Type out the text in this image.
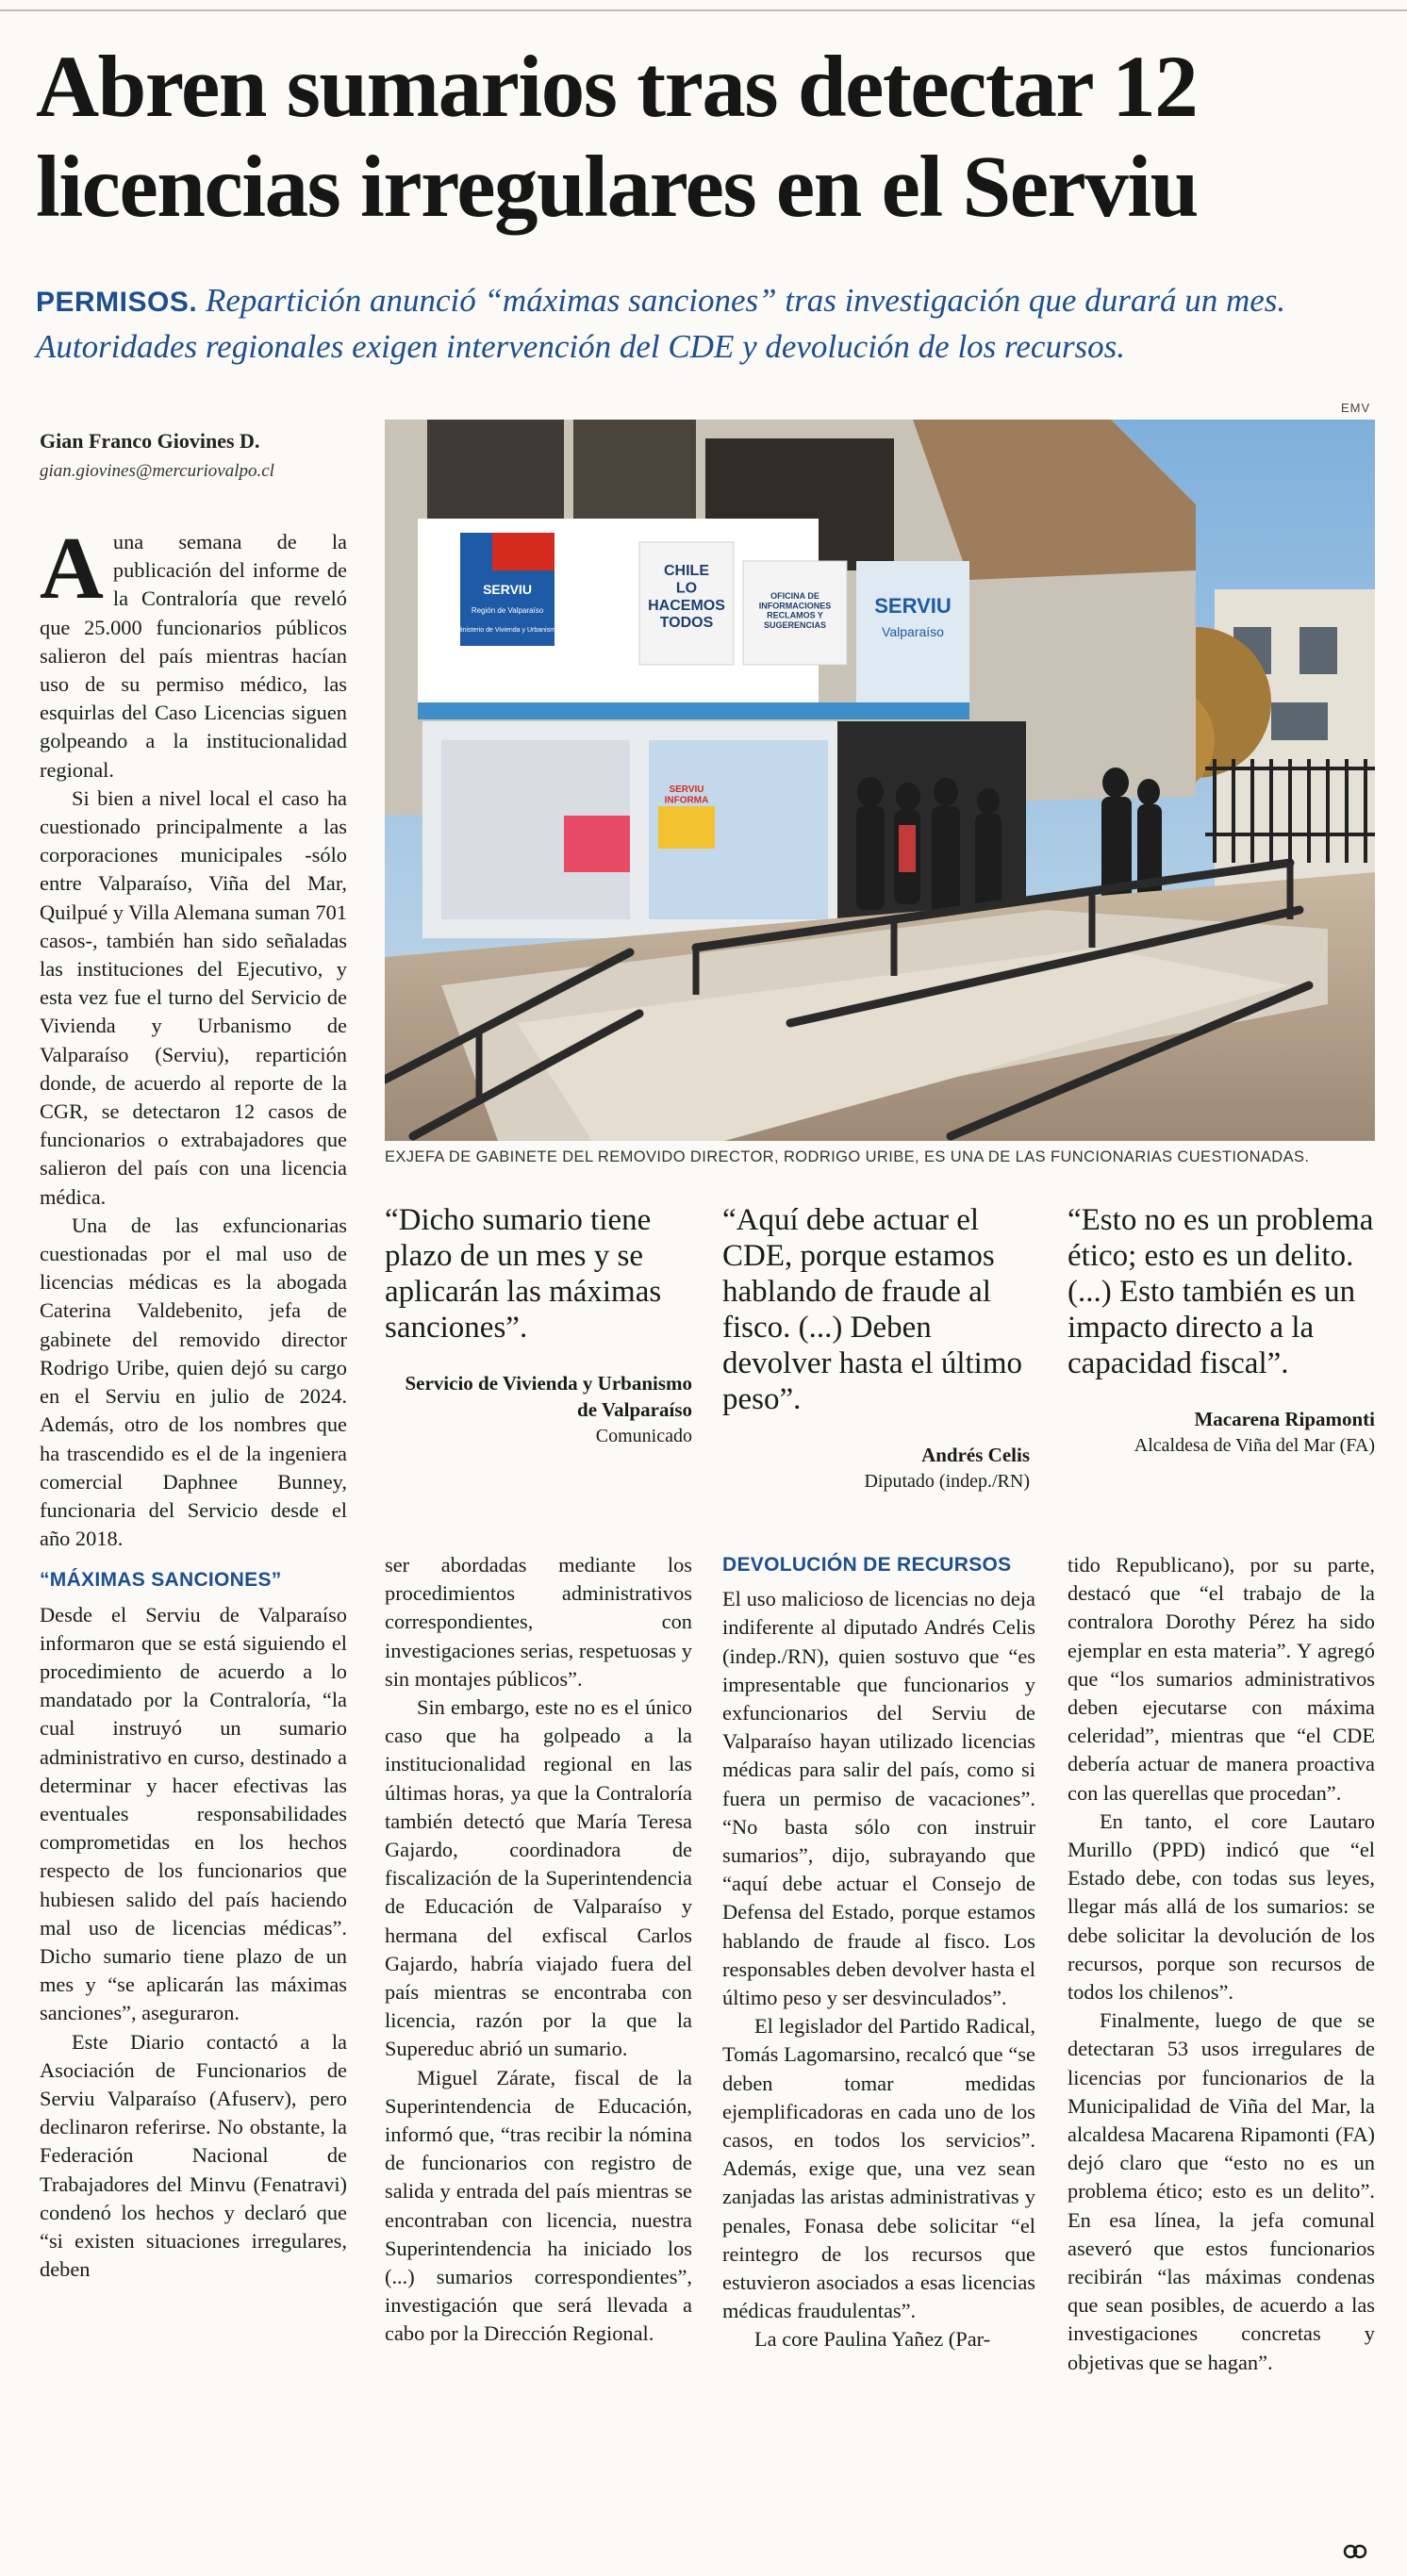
Abren sumarios tras detectar 12 licencias irregulares en el Serviu
PERMISOS. Repartición anunció “máximas sanciones” tras investigación que durará un mes. Autoridades regionales exigen intervención del CDE y devolución de los recursos.
Gian Franco Giovines D.
gian.giovines@mercuriovalpo.cl
EMV
SERVIU
Región de Valparaíso
Ministerio de Vivienda y Urbanismo
CHILE LO HACEMOS TODOS
OFICINA DE INFORMACIONES RECLAMOS Y SUGERENCIAS
SERVIU
Valparaíso
SERVIU INFORMA
EXJEFA DE GABINETE DEL REMOVIDO DIRECTOR, RODRIGO URIBE, ES UNA DE LAS FUNCIONARIAS CUESTIONADAS.
A una semana de la publicación del informe de la Contraloría que reveló que 25.000 funcionarios públicos salieron del país mientras hacían uso de su permiso médico, las esquirlas del Caso Licencias siguen golpeando a la institucionalidad regional.

Si bien a nivel local el caso ha cuestionado principalmente a las corporaciones municipales -sólo entre Valparaíso, Viña del Mar, Quilpué y Villa Alemana suman 701 casos-, también han sido señaladas las instituciones del Ejecutivo, y esta vez fue el turno del Servicio de Vivienda y Urbanismo de Valparaíso (Serviu), repartición donde, de acuerdo al reporte de la CGR, se detectaron 12 casos de funcionarios o extrabajadores que salieron del país con una licencia médica.

Una de las exfuncionarias cuestionadas por el mal uso de licencias médicas es la abogada Caterina Valdebenito, jefa de gabinete del removido director Rodrigo Uribe, quien dejó su cargo en el Serviu en julio de 2024. Además, otro de los nombres que ha trascendido es el de la ingeniera comercial Daphnee Bunney, funcionaria del Servicio desde el año 2018.

“MÁXIMAS SANCIONES”

Desde el Serviu de Valparaíso informaron que se está siguiendo el procedimiento de acuerdo a lo mandatado por la Contraloría, “la cual instruyó un sumario administrativo en curso, destinado a determinar y hacer efectivas las eventuales responsabilidades comprometidas en los hechos respecto de los funcionarios que hubiesen salido del país haciendo mal uso de licencias médicas”. Dicho sumario tiene plazo de un mes y “se aplicarán las máximas sanciones”, aseguraron.

Este Diario contactó a la Asociación de Funcionarios de Serviu Valparaíso (Afuserv), pero declinaron referirse. No obstante, la Federación Nacional de Trabajadores del Minvu (Fenatravi) condenó los hechos y declaró que “si existen situaciones irregulares, deben

“Dicho sumario tiene plazo de un mes y se aplicarán las máximas sanciones”.
Servicio de Vivienda y Urbanismo de Valparaíso
Comunicado
“Aquí debe actuar el CDE, porque estamos hablando de fraude al fisco. (...) Deben devolver hasta el último peso”.
Andrés Celis
Diputado (indep./RN)
“Esto no es un problema ético; esto es un delito. (...) Esto también es un impacto directo a la capacidad fiscal”.
Macarena Ripamonti
Alcaldesa de Viña del Mar (FA)

ser abordadas mediante los procedimientos administrativos correspondientes, con investigaciones serias, respetuosas y sin montajes públicos”.

Sin embargo, este no es el único caso que ha golpeado a la institucionalidad regional en las últimas horas, ya que la Contraloría también detectó que María Teresa Gajardo, coordinadora de fiscalización de la Superintendencia de Educación de Valparaíso y hermana del exfiscal Carlos Gajardo, habría viajado fuera del país mientras se encontraba con licencia, razón por la que la Supereduc abrió un sumario.

Miguel Zárate, fiscal de la Superintendencia de Educación, informó que, “tras recibir la nómina de funcionarios con registro de salida y entrada del país mientras se encontraban con licencia, nuestra Superintendencia ha iniciado los (...) sumarios correspondientes”, investigación que será llevada a cabo por la Dirección Regional.

DEVOLUCIÓN DE RECURSOS

El uso malicioso de licencias no deja indiferente al diputado Andrés Celis (indep./RN), quien sostuvo que “es impresentable que funcionarios y exfuncionarios del Serviu de Valparaíso hayan utilizado licencias médicas para salir del país, como si fuera un permiso de vacaciones”. “No basta sólo con instruir sumarios”, dijo, subrayando que “aquí debe actuar el Consejo de Defensa del Estado, porque estamos hablando de fraude al fisco. Los responsables deben devolver hasta el último peso y ser desvinculados”.

El legislador del Partido Radical, Tomás Lagomarsino, recalcó que “se deben tomar medidas ejemplificadoras en cada uno de los casos, en todos los servicios”. Además, exige que, una vez sean zanjadas las aristas administrativas y penales, Fonasa debe solicitar “el reintegro de los recursos que estuvieron asociados a esas licencias médicas fraudulentas”.

La core Paulina Yañez (Par-

tido Republicano), por su parte, destacó que “el trabajo de la contralora Dorothy Pérez ha sido ejemplar en esta materia”. Y agregó que “los sumarios administrativos deben ejecutarse con máxima celeridad”, mientras que “el CDE debería actuar de manera proactiva con las querellas que procedan”.

En tanto, el core Lautaro Murillo (PPD) indicó que “el Estado debe, con todas sus leyes, llegar más allá de los sumarios: se debe solicitar la devolución de los recursos, porque son recursos de todos los chilenos”.

Finalmente, luego de que se detectaran 53 usos irregulares de licencias por funcionarios de la Municipalidad de Viña del Mar, la alcaldesa Macarena Ripamonti (FA) dejó claro que “esto no es un problema ético; esto es un delito”. En esa línea, la jefa comunal aseveró que estos funcionarios recibirán “las máximas condenas que sean posibles, de acuerdo a las investigaciones concretas y objetivas que se hagan”.
